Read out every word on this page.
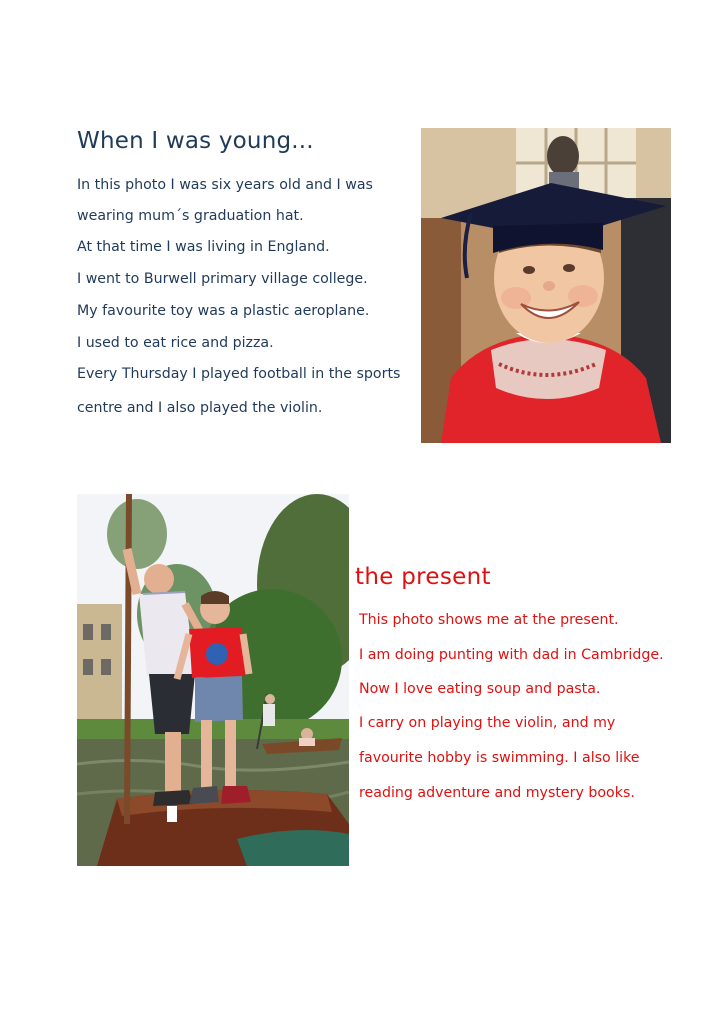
When I was young...
In this photo I was six years old and I was
wearing mum´s graduation hat.
At that time I was living in England.
I went to Burwell primary village college.
My favourite toy was a plastic aeroplane.
I used to eat rice and pizza.
Every Thursday I played football in the sports
centre and I also played the violin.
the present
This photo shows me at the present.
I am doing punting with dad in Cambridge.
Now I love eating soup and pasta.
I carry on playing the violin, and my
favourite hobby is swimming. I also like
reading adventure and mystery books.
